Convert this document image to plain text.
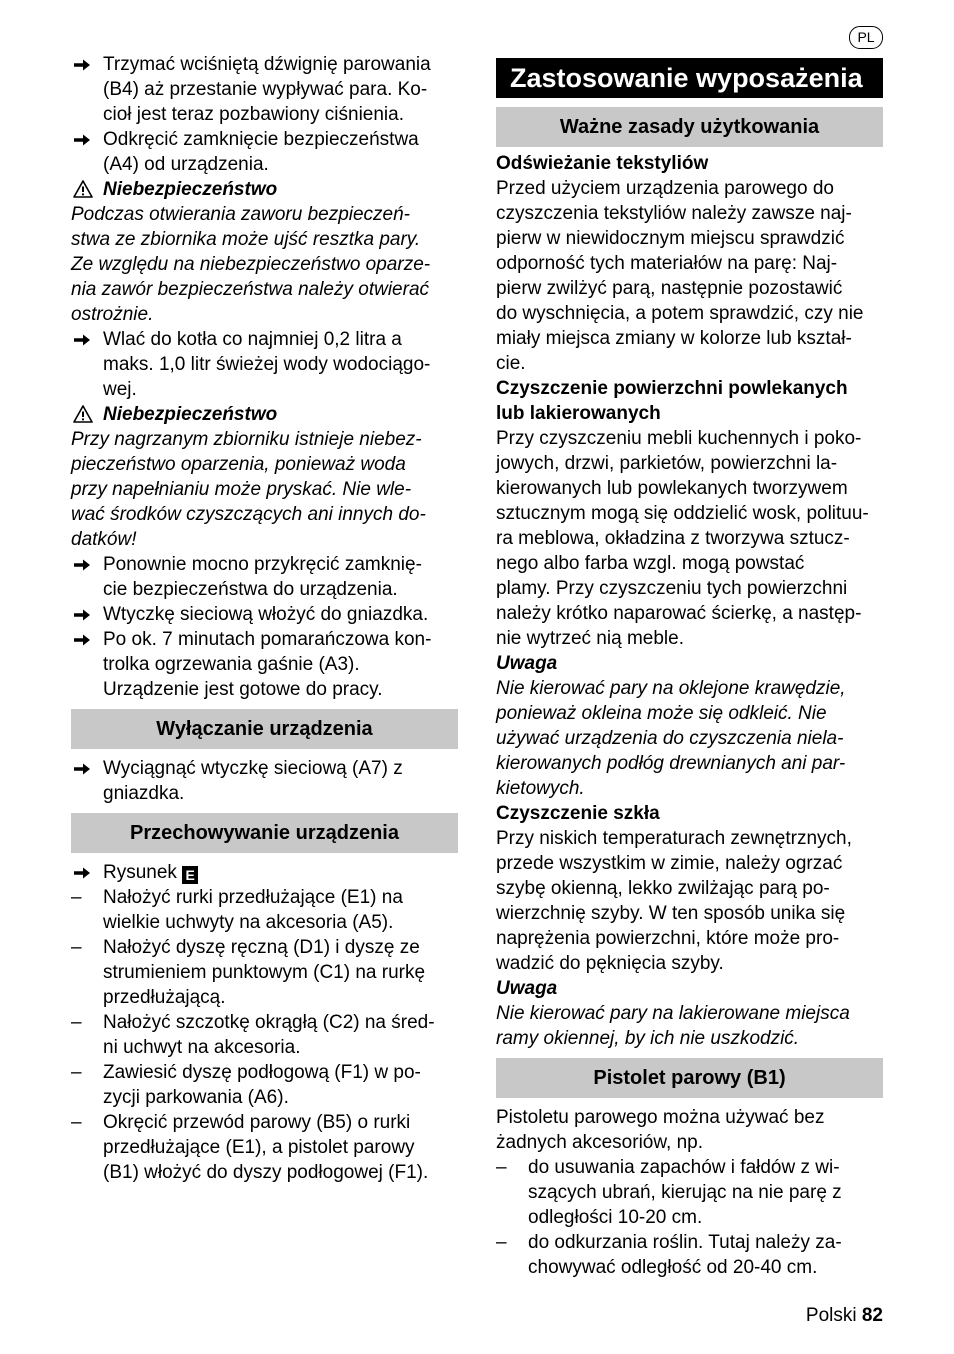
PL
Trzymać wciśniętą dźwignię parowania
(B4) aż przestanie wypływać para. Ko-
cioł jest teraz pozbawiony ciśnienia.
Odkręcić zamknięcie bezpieczeństwa
(A4) od urządzenia.
Niebezpieczeństwo
Podczas otwierania zaworu bezpieczeń-
stwa ze zbiornika może ujść resztka pary.
Ze względu na niebezpieczeństwo oparze-
nia zawór bezpieczeństwa należy otwierać
ostrożnie.
Wlać do kotła co najmniej 0,2 litra a
maks. 1,0 litr świeżej wody wodociągo-
wej.
Niebezpieczeństwo
Przy nagrzanym zbiorniku istnieje niebez-
pieczeństwo oparzenia, ponieważ woda
przy napełnianiu może pryskać. Nie wle-
wać środków czyszczących ani innych do-
datków!
Ponownie mocno przykręcić zamknię-
cie bezpieczeństwa do urządzenia.
Wtyczkę sieciową włożyć do gniazdka.
Po ok. 7 minutach pomarańczowa kon-
trolka ogrzewania gaśnie (A3).
Urządzenie jest gotowe do pracy.
Wyłączanie urządzenia
Wyciągnąć wtyczkę sieciową (A7) z
gniazdka.
Przechowywanie urządzenia
Rysunek E
–	Nałożyć rurki przedłużające (E1) na
wielkie uchwyty na akcesoria (A5).
–	Nałożyć dyszę ręczną (D1) i dyszę ze
strumieniem punktowym (C1) na rurkę
przedłużającą.
–	Nałożyć szczotkę okrągłą (C2) na śred-
ni uchwyt na akcesoria.
–	Zawiesić dyszę podłogową (F1) w po-
zycji parkowania (A6).
–	Okręcić przewód parowy (B5) o rurki
przedłużające (E1), a pistolet parowy
(B1) włożyć do dyszy podłogowej (F1).
Zastosowanie wyposażenia
Ważne zasady użytkowania
Odświeżanie tekstyliów
Przed użyciem urządzenia parowego do
czyszczenia tekstyliów należy zawsze naj-
pierw w niewidocznym miejscu sprawdzić
odporność tych materiałów na parę: Naj-
pierw zwilżyć parą, następnie pozostawić
do wyschnięcia, a potem sprawdzić, czy nie
miały miejsca zmiany w kolorze lub kształ-
cie.
Czyszczenie powierzchni powlekanych
lub lakierowanych
Przy czyszczeniu mebli kuchennych i poko-
jowych, drzwi, parkietów, powierzchni la-
kierowanych lub powlekanych tworzywem
sztucznym mogą się oddzielić wosk, polituu-
ra meblowa, okładzina z tworzywa sztucz-
nego albo farba wzgl. mogą powstać
plamy. Przy czyszczeniu tych powierzchni
należy krótko naparować ścierkę, a następ-
nie wytrzeć nią meble.
Uwaga
Nie kierować pary na oklejone krawędzie,
ponieważ okleina może się odkleić. Nie
używać urządzenia do czyszczenia niela-
kierowanych podłóg drewnianych ani par-
kietowych.
Czyszczenie szkła
Przy niskich temperaturach zewnętrznych,
przede wszystkim w zimie, należy ogrzać
szybę okienną, lekko zwilżając parą po-
wierzchnię szyby. W ten sposób unika się
naprężenia powierzchni, które może pro-
wadzić do pęknięcia szyby.
Uwaga
Nie kierować pary na lakierowane miejsca
ramy okiennej, by ich nie uszkodzić.
Pistolet parowy (B1)
Pistoletu parowego można używać bez
żadnych akcesoriów, np.
–	do usuwania zapachów i fałdów z wi-
szących ubrań, kierując na nie parę z
odległości 10-20 cm.
–	do odkurzania roślin. Tutaj należy za-
chowywać odległość od 20-40 cm.
Polski 82
